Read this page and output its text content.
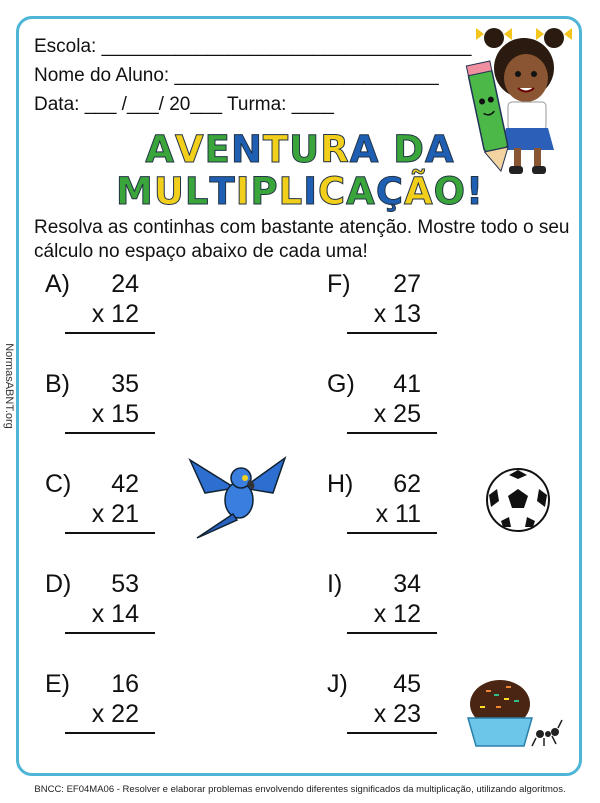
Escola: ___________________________________
Nome do Aluno: _________________________
Data: ___ /___/ 20___ Turma: ____
AVENTURA DA
MULTIPLICAÇÃO!
Resolva as continhas com bastante atenção. Mostre todo o seu cálculo no espaço abaixo de cada uma!
A) 24
x 12
B) 35
x 15
C) 42
x 21
D) 53
x 14
E) 16
x 22
F) 27
x 13
G) 41
x 25
H) 62
x 11
I) 34
x 12
J) 45
x 23
NormasABNT.org
BNCC: EF04MA06 - Resolver e elaborar problemas envolvendo diferentes significados da multiplicação, utilizando algoritmos.
